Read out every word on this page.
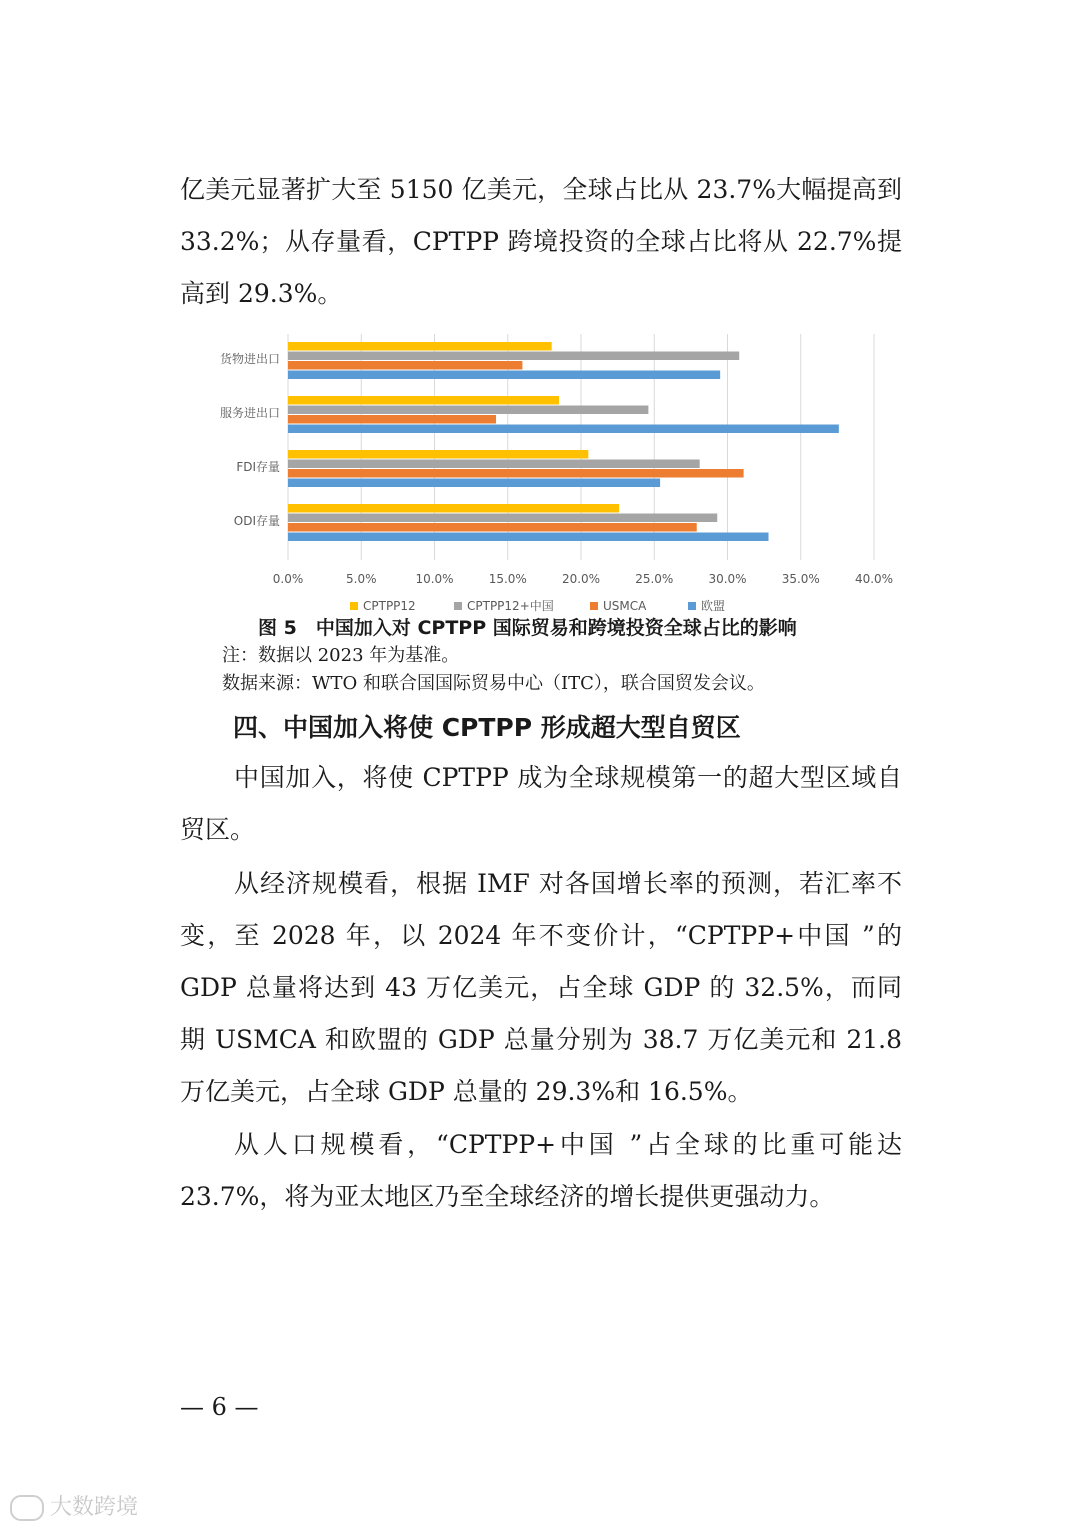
亿美元显著扩大至 5150 亿美元，全球占比从 23.7%大幅提高到33.2%；从存量看，CPTPP 跨境投资的全球占比将从 22.7%提高到 29.3%。

0.0%	5.0%	10.0%	15.0%	20.0%	25.0%	30.0%	35.0%	40.0%
货物进出口
服务进出口
FDI存量
ODI存量
CPTPP12	CPTPP12+中国	USMCA	欧盟
图 5　中国加入对 CPTPP 国际贸易和跨境投资全球占比的影响
注：数据以 2023 年为基准。
数据来源：WTO 和联合国国际贸易中心（ITC），联合国贸发会议。
四、中国加入将使 CPTPP 形成超大型自贸区

中国加入，将使 CPTPP 成为全球规模第一的超大型区域自贸区。

从经济规模看，根据 IMF 对各国增长率的预测，若汇率不变，至 2028 年，以 2024 年不变价计，“CPTPP+中国 ”的 GDP 总量将达到 43 万亿美元，占全球 GDP 的 32.5%，而同期 USMCA 和欧盟的 GDP 总量分别为 38.7 万亿美元和 21.8 万亿美元，占全球 GDP 总量的 29.3%和 16.5%。

从人口规模看，“CPTPP+中国 ”占全球的比重可能达 23.7%，将为亚太地区乃至全球经济的增长提供更强动力。

— 6 —
大数跨境
